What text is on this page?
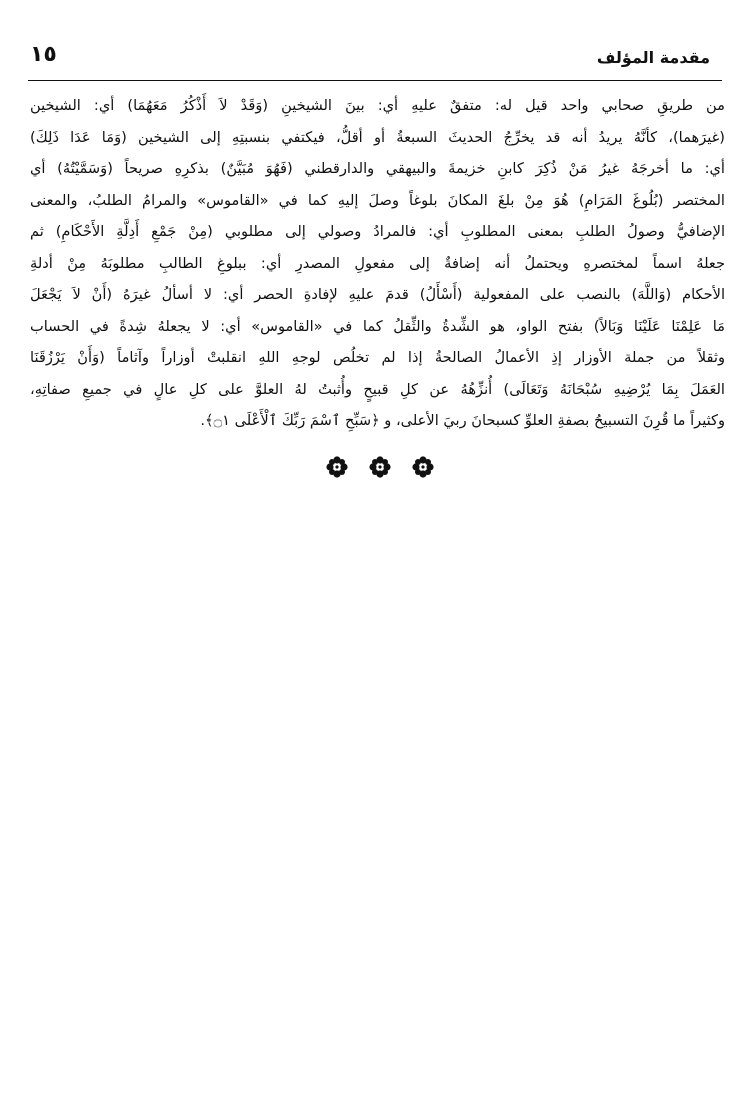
١٥	مقدمة المؤلف
من طريقِ صحابي واحد قيل له: متفقٌ عليهِ أي: بينَ الشيخينِ (وَقَدْ لاَ أَذْكُرُ مَعَهُمَا) أي: الشيخين
(غيرَهما)، كأنَّهُ يريدُ أنه قد يخرِّجُ الحديثَ السبعةُ أو أقلُّ، فيكتفي بنسبتِهِ إلى الشيخين (وَمَا عَدَا ذَلِكَ)
أي: ما أخرجَهُ غيرُ مَنْ ذُكِرَ كابنِ خزيمةَ والبيهقي والدارقطني (فَهُوَ مُبَيَّنٌ) بذكرِهِ صريحاً (وَسَمَّيْتُهُ) أي
المختصر (بُلُوغَ المَرَامِ) هُوَ مِنْ بلغَ المكانَ بلوغاً وصلَ إليهِ كما في «القاموس» والمرامُ الطلبُ، والمعنى
الإضافيُّ وصولُ الطلبِ بمعنى المطلوبِ أي: فالمرادُ وصولي إلى مطلوبي (مِنْ جَمْعِ أَدِلَّةِ الأَحْكَامِ) ثم
جعلهُ اسماً لمختصرهِ ويحتملُ أنه إضافةٌ إلى مفعولِ المصدرِ أي: ببلوغِ الطالبِ مطلوبَهُ مِنْ أدلةِ
الأحكام (وَاللَّهَ) بالنصب على المفعولية (أَسْأَلُ) قدمَ عليهِ لإفادةِ الحصر أي: لا أسألُ غيرَهُ (أَنْ لاَ يَجْعَلَ
مَا عَلِمْنَا عَلَيْنَا وَبَالاً) بفتح الواو، هو الشِّدةُ والثِّقلُ كما في «القاموس» أي: لا يجعلهُ شِدةً في الحساب
وثقلاً من جملة الأوزار إذِ الأعمالُ الصالحةُ إذا لم تخلُص لوجهِ اللهِ انقلبتْ أوزاراً وآثاماً (وَأَنْ يَرْزُقَنَا
العَمَلَ بِمَا يُرْضِيهِ سُبْحَانَهُ وَتَعَالَى) أُنزِّهُهُ عن كلِ قبيحٍ وأُثبتُ لهُ العلوَّ على كلِ عالٍ في جميعِ صفاتِهِ،
وكثيراً ما قُرِنَ التسبيحُ بصفةِ العلوِّ كسبحانَ ربيَ الأعلى، و ﴿سَبِّحِ ٱسْمَ رَبِّكَ ٱلْأَعْلَى ۝١﴾.
